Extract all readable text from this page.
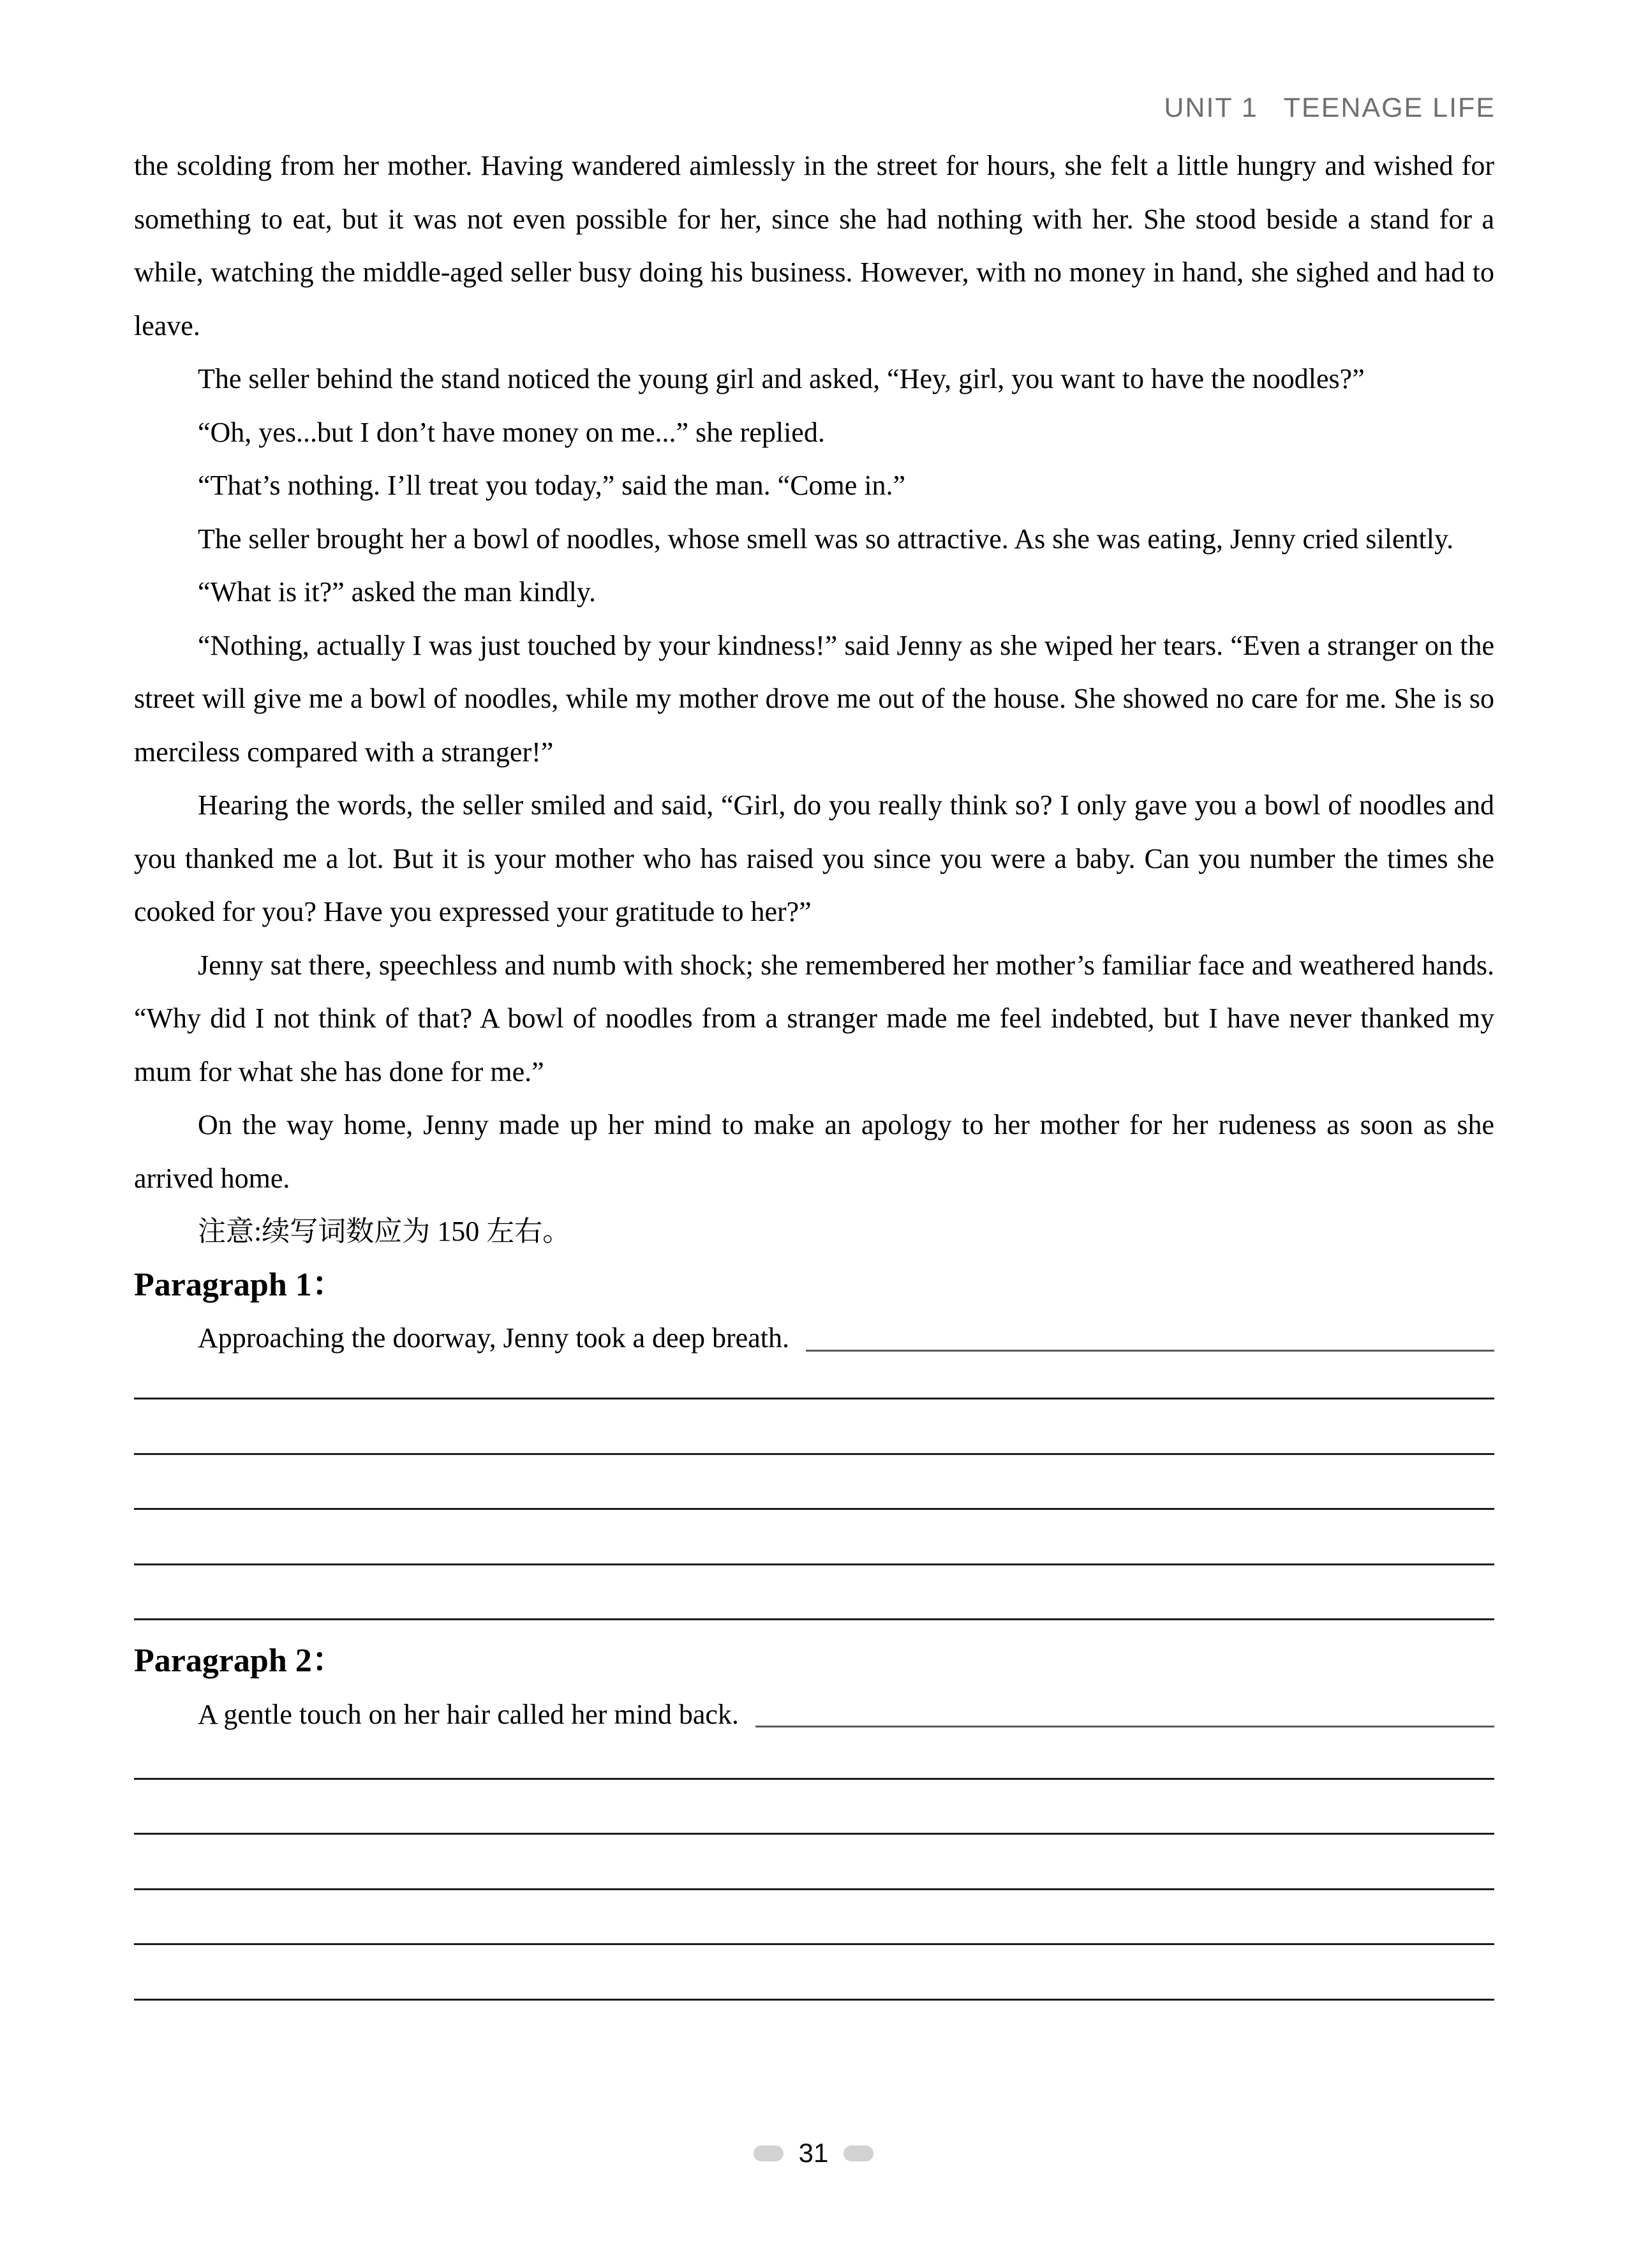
UNIT 1 TEENAGE LIFE

the scolding from her mother. Having wandered aimlessly in the street for hours, she felt a little hungry and wished for something to eat, but it was not even possible for her, since she had nothing with her. She stood beside a stand for a while, watching the middle-aged seller busy doing his business. However, with no money in hand, she sighed and had to leave.

The seller behind the stand noticed the young girl and asked, “Hey, girl, you want to have the noodles?”

“Oh, yes...but I don’t have money on me...” she replied.

“That’s nothing. I’ll treat you today,” said the man. “Come in.”

The seller brought her a bowl of noodles, whose smell was so attractive. As she was eating, Jenny cried silently.

“What is it?” asked the man kindly.

“Nothing, actually I was just touched by your kindness!” said Jenny as she wiped her tears. “Even a stranger on the street will give me a bowl of noodles, while my mother drove me out of the house. She showed no care for me. She is so merciless compared with a stranger!”

Hearing the words, the seller smiled and said, “Girl, do you really think so? I only gave you a bowl of noodles and you thanked me a lot. But it is your mother who has raised you since you were a baby. Can you number the times she cooked for you? Have you expressed your gratitude to her?”

Jenny sat there, speechless and numb with shock; she remembered her mother’s familiar face and weathered hands. “Why did I not think of that? A bowl of noodles from a stranger made me feel indebted, but I have never thanked my mum for what she has done for me.”

On the way home, Jenny made up her mind to make an apology to her mother for her rudeness as soon as she arrived home.

注意:续写词数应为 150 左右。

Paragraph 1：
Approaching the doorway, Jenny took a deep breath.
Paragraph 2：
A gentle touch on her hair called her mind back.
31
